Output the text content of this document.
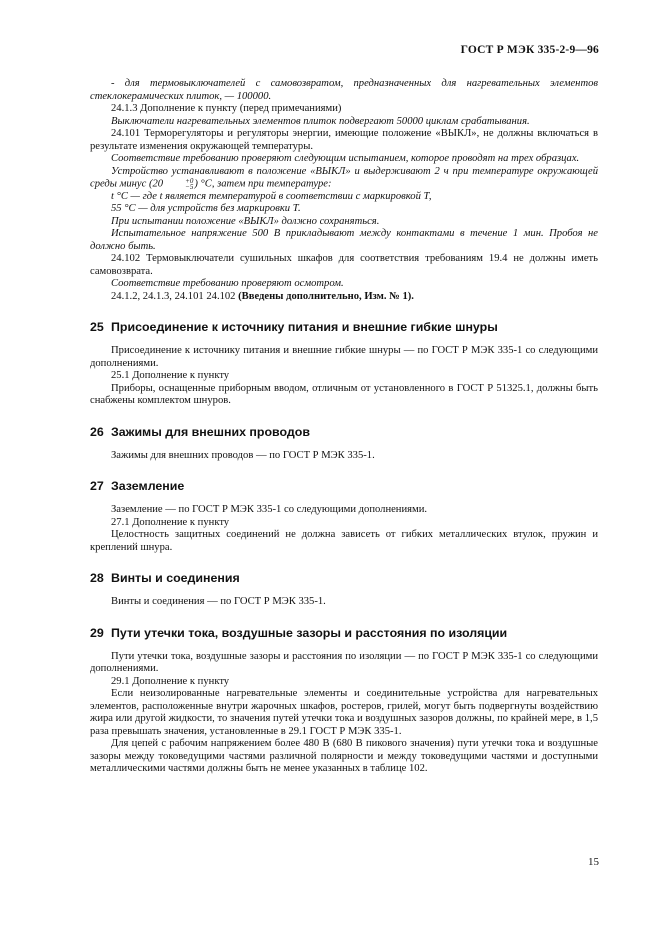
ГОСТ Р МЭК 335-2-9—96

- для термовыключателей с самовозвратом, предназначенных для нагревательных элементов стеклокерамических плиток, — 100000.

24.1.3 Дополнение к пункту (перед примечаниями)

Выключатели нагревательных элементов плиток подвергают 50000 циклам срабатывания.

24.101 Терморегуляторы и регуляторы энергии, имеющие положение «ВЫКЛ», не должны включаться в результате изменения окружающей температуры.

Соответствие требованию проверяют следующим испытанием, которое проводят на трех образцах.

Устройство устанавливают в положение «ВЫКЛ» и выдерживают 2 ч при температуре окружающей среды минус (20	+0
−5 ) °С, затем при температуре:

t °С — где t является температурой в соответствии с маркировкой Т,

55 °С — для устройств без маркировки Т.

При испытании положение «ВЫКЛ» должно сохраняться.

Испытательное напряжение 500 В прикладывают между контактами в течение 1 мин. Пробоя не должно быть.

24.102 Термовыключатели сушильных шкафов для соответствия требованиям 19.4 не должны иметь самовозврата.

Соответствие требованию проверяют осмотром.

24.1.2, 24.1.3, 24.101 24.102 (Введены дополнительно, Изм. № 1).

25 Присоединение к источнику питания и внешние гибкие шнуры

Присоединение к источнику питания и внешние гибкие шнуры — по ГОСТ Р МЭК 335-1 со следующими дополнениями.

25.1 Дополнение к пункту

Приборы, оснащенные приборным вводом, отличным от установленного в ГОСТ Р 51325.1, должны быть снабжены комплектом шнуров.

26 Зажимы для внешних проводов

Зажимы для внешних проводов — по ГОСТ Р МЭК 335-1.

27 Заземление

Заземление — по ГОСТ Р МЭК 335-1 со следующими дополнениями.

27.1 Дополнение к пункту

Целостность защитных соединений не должна зависеть от гибких металлических втулок, пружин и креплений шнура.

28 Винты и соединения

Винты и соединения — по ГОСТ Р МЭК 335-1.

29 Пути утечки тока, воздушные зазоры и расстояния по изоляции

Пути утечки тока, воздушные зазоры и расстояния по изоляции — по ГОСТ Р МЭК 335-1 со следующими дополнениями.

29.1 Дополнение к пункту

Если неизолированные нагревательные элементы и соединительные устройства для нагревательных элементов, расположенные внутри жарочных шкафов, ростеров, грилей, могут быть подвергнуты воздействию жира или другой жидкости, то значения путей утечки тока и воздушных зазоров должны, по крайней мере, в 1,5 раза превышать значения, установленные в 29.1 ГОСТ Р МЭК 335-1.

Для цепей с рабочим напряжением более 480 В (680 В пикового значения) пути утечки тока и воздушные зазоры между токоведущими частями различной полярности и между токоведущими частями и доступными металлическими частями должны быть не менее указанных в таблице 102.

15
